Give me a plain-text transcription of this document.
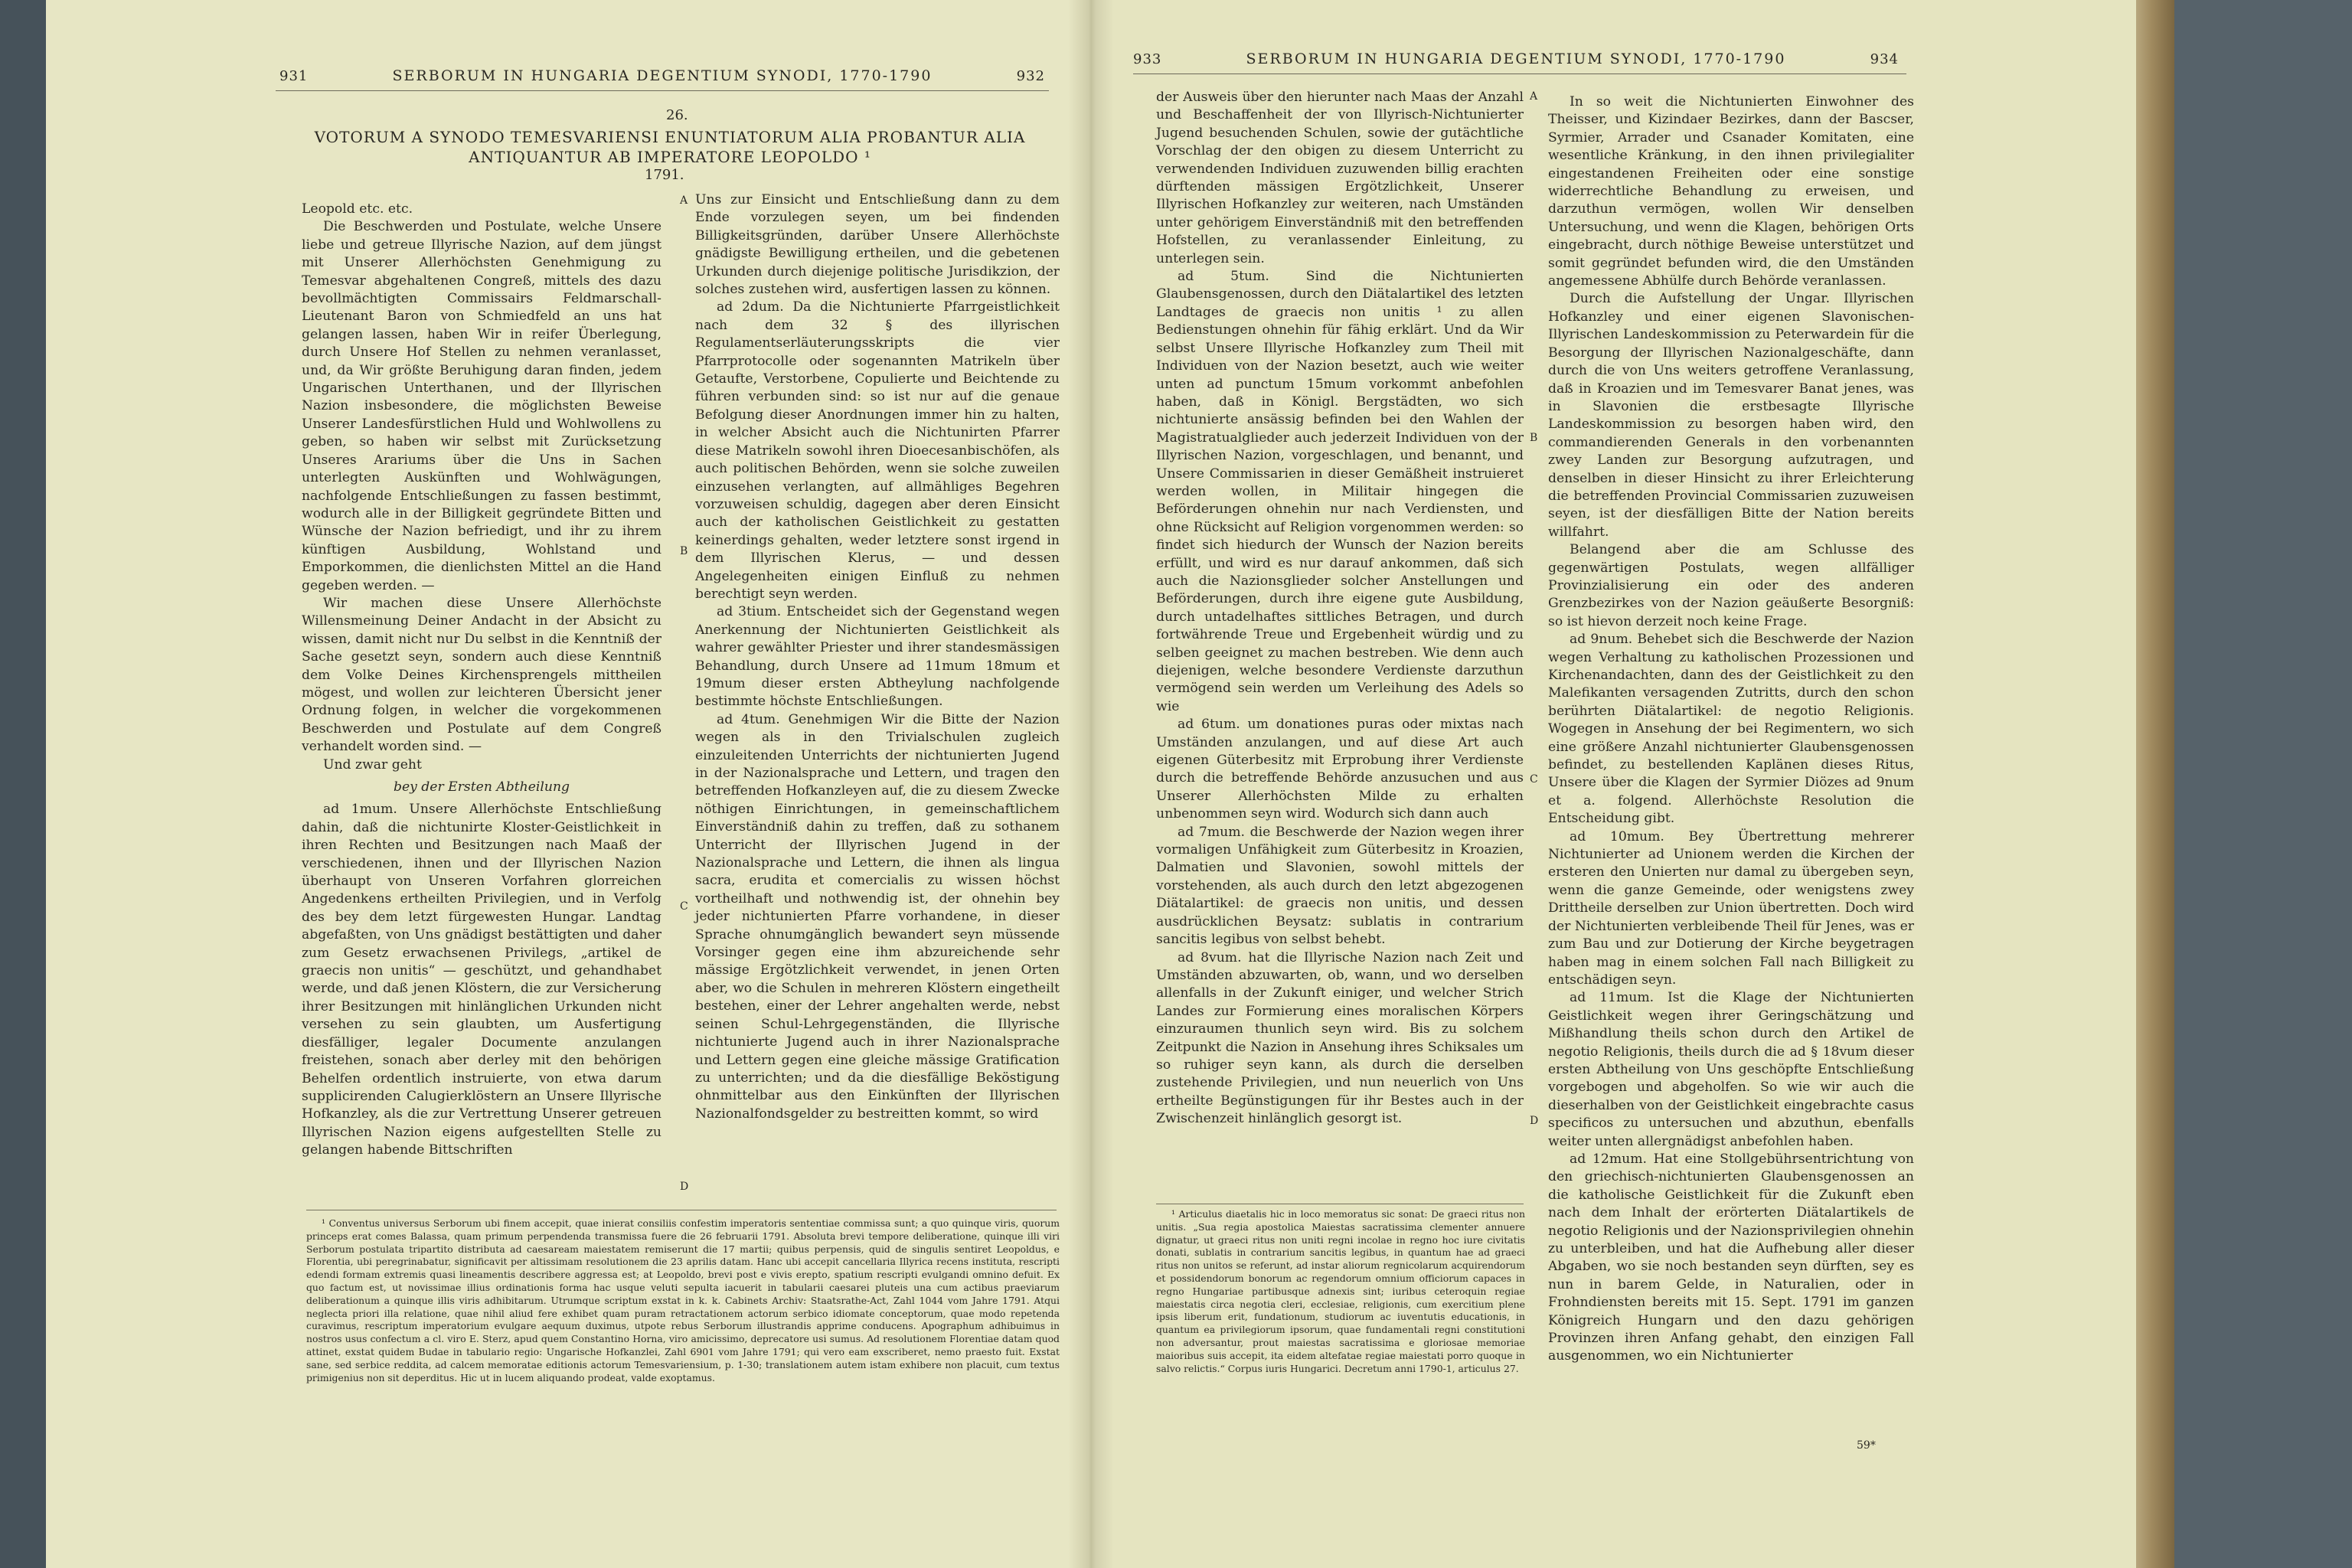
931	SERBORUM IN HUNGARIA DEGENTIUM SYNODI, 1770-1790	932
26.
VOTORUM A SYNODO TEMESVARIENSI ENUNTIATORUM ALIA PROBANTUR ALIA ANTIQUANTUR AB IMPERATORE LEOPOLDO ¹
1791.

Leopold etc. etc.

Die Beschwerden und Postulate, welche Unsere liebe und getreue Illyrische Nazion, auf dem jüngst mit Unserer Allerhöchsten Genehmigung zu Temesvar abgehaltenen Congreß, mittels des dazu bevollmächtigten Commissairs Feldmarschall-Lieutenant Baron von Schmiedfeld an uns hat gelangen lassen, haben Wir in reifer Überlegung, durch Unsere Hof Stellen zu nehmen veranlasset, und, da Wir größte Beruhigung daran finden, jedem Ungarischen Unterthanen, und der Illyrischen Nazion insbesondere, die möglichsten Beweise Unserer Landesfürstlichen Huld und Wohlwollens zu geben, so haben wir selbst mit Zurücksetzung Unseres Arariums über die Uns in Sachen unterlegten Auskünften und Wohlwägungen, nachfolgende Entschließungen zu fassen bestimmt, wodurch alle in der Billigkeit gegründete Bitten und Wünsche der Nazion befriedigt, und ihr zu ihrem künftigen Ausbildung, Wohlstand und Emporkommen, die dienlichsten Mittel an die Hand gegeben werden. —

Wir machen diese Unsere Allerhöchste Willensmeinung Deiner Andacht in der Absicht zu wissen, damit nicht nur Du selbst in die Kenntniß der Sache gesetzt seyn, sondern auch diese Kenntniß dem Volke Deines Kirchensprengels mittheilen mögest, und wollen zur leichteren Übersicht jener Ordnung folgen, in welcher die vorgekommenen Beschwerden und Postulate auf dem Congreß verhandelt worden sind. —

Und zwar geht

bey der Ersten Abtheilung

ad 1mum. Unsere Allerhöchste Entschließung dahin, daß die nichtunirte Kloster-Geistlichkeit in ihren Rechten und Besitzungen nach Maaß der verschiedenen, ihnen und der Illyrischen Nazion überhaupt von Unseren Vorfahren glorreichen Angedenkens ertheilten Privilegien, und in Verfolg des bey dem letzt fürgewesten Hungar. Landtag abgefaßten, von Uns gnädigst bestättigten und daher zum Gesetz erwachsenen Privilegs, „artikel de graecis non unitis“ — geschützt, und gehandhabet werde, und daß jenen Klöstern, die zur Versicherung ihrer Besitzungen mit hinlänglichen Urkunden nicht versehen zu sein glaubten, um Ausfertigung diesfälliger, legaler Documente anzulangen freistehen, sonach aber derley mit den behörigen Behelfen ordentlich instruierte, von etwa darum supplicirenden Calugierklöstern an Unsere Illyrische Hofkanzley, als die zur Vertrettung Unserer getreuen Illyrischen Nazion eigens aufgestellten Stelle zu gelangen habende Bittschriften

Uns zur Einsicht und Entschließung dann zu dem Ende vorzulegen seyen, um bei findenden Billigkeitsgründen, darüber Unsere Allerhöchste gnädigste Bewilligung ertheilen, und die gebetenen Urkunden durch diejenige politische Jurisdikzion, der solches zustehen wird, ausfertigen lassen zu können.

ad 2dum. Da die Nichtunierte Pfarrgeistlichkeit nach dem 32 § des illyrischen Regulamentserläuterungsskripts die vier Pfarrprotocolle oder sogenannten Matrikeln über Getaufte, Verstorbene, Copulierte und Beichtende zu führen verbunden sind: so ist nur auf die genaue Befolgung dieser Anordnungen immer hin zu halten, in welcher Absicht auch die Nichtunirten Pfarrer diese Matrikeln sowohl ihren Dioecesanbischöfen, als auch politischen Behörden, wenn sie solche zuweilen einzusehen verlangten, auf allmähliges Begehren vorzuweisen schuldig, dagegen aber deren Einsicht auch der katholischen Geistlichkeit zu gestatten keinerdings gehalten, weder letztere sonst irgend in dem Illyrischen Klerus, — und dessen Angelegenheiten einigen Einfluß zu nehmen berechtigt seyn werden.

ad 3tium. Entscheidet sich der Gegenstand wegen Anerkennung der Nichtunierten Geistlichkeit als wahrer gewählter Priester und ihrer standesmässigen Behandlung, durch Unsere ad 11mum 18mum et 19mum dieser ersten Abtheylung nachfolgende bestimmte höchste Entschließungen.

ad 4tum. Genehmigen Wir die Bitte der Nazion wegen als in den Trivialschulen zugleich einzuleitenden Unterrichts der nichtunierten Jugend in der Nazionalsprache und Lettern, und tragen den betreffenden Hofkanzleyen auf, die zu diesem Zwecke nöthigen Einrichtungen, in gemeinschaftlichem Einverständniß dahin zu treffen, daß zu sothanem Unterricht der Illyrischen Jugend in der Nazionalsprache und Lettern, die ihnen als lingua sacra, erudita et comercialis zu wissen höchst vortheilhaft und nothwendig ist, der ohnehin bey jeder nichtunierten Pfarre vorhandene, in dieser Sprache ohnumgänglich bewandert seyn müssende Vorsinger gegen eine ihm abzureichende sehr mässige Ergötzlichkeit verwendet, in jenen Orten aber, wo die Schulen in mehreren Klöstern eingetheilt bestehen, einer der Lehrer angehalten werde, nebst seinen Schul-Lehrgegenständen, die Illyrische nichtunierte Jugend auch in ihrer Nazionalsprache und Lettern gegen eine gleiche mässige Gratification zu unterrichten; und da die diesfällige Beköstigung ohnmittelbar aus den Einkünften der Illyrischen Nazionalfondsgelder zu bestreitten kommt, so wird

A
B
C
D

¹ Conventus universus Serborum ubi finem accepit, quae inierat consiliis confestim imperatoris sententiae commissa sunt; a quo quinque viris, quorum princeps erat comes Balassa, quam primum perpendenda transmissa fuere die 26 februarii 1791. Absoluta brevi tempore deliberatione, quinque illi viri Serborum postulata tripartito distributa ad caesaream maiestatem remiserunt die 17 martii; quibus perpensis, quid de singulis sentiret Leopoldus, e Florentia, ubi peregrinabatur, significavit per altissimam resolutionem die 23 aprilis datam. Hanc ubi accepit cancellaria Illyrica recens instituta, rescripti edendi formam extremis quasi lineamentis describere aggressa est; at Leopoldo, brevi post e vivis erepto, spatium rescripti evulgandi omnino defuit. Ex quo factum est, ut novissimae illius ordinationis forma hac usque veluti sepulta iacuerit in tabularii caesarei pluteis una cum actibus praeviarum deliberationum a quinque illis viris adhibitarum. Utrumque scriptum exstat in k. k. Cabinets Archiv: Staatsrathe-Act, Zahl 1044 vom Jahre 1791. Atqui neglecta priori illa relatione, quae nihil aliud fere exhibet quam puram retractationem actorum serbico idiomate conceptorum, quae modo repetenda curavimus, rescriptum imperatorium evulgare aequum duximus, utpote rebus Serborum illustrandis apprime conducens. Apographum adhibuimus in nostros usus confectum a cl. viro E. Sterz, apud quem Constantino Horna, viro amicissimo, deprecatore usi sumus. Ad resolutionem Florentiae datam quod attinet, exstat quidem Budae in tabulario regio: Ungarische Hofkanzlei, Zahl 6901 vom Jahre 1791; qui vero eam exscriberet, nemo praesto fuit. Exstat sane, sed serbice reddita, ad calcem memoratae editionis actorum Temesvariensium, p. 1-30; translationem autem istam exhibere non placuit, cum textus primigenius non sit deperditus. Hic ut in lucem aliquando prodeat, valde exoptamus.

933	SERBORUM IN HUNGARIA DEGENTIUM SYNODI, 1770-1790	934

der Ausweis über den hierunter nach Maas der Anzahl und Beschaffenheit der von Illyrisch-Nichtunierter Jugend besuchenden Schulen, sowie der gutächtliche Vorschlag der den obigen zu diesem Unterricht zu verwendenden Individuen zuzuwenden billig erachten dürftenden mässigen Ergötzlichkeit, Unserer Illyrischen Hofkanzley zur weiteren, nach Umständen unter gehörigem Einverständniß mit den betreffenden Hofstellen, zu veranlassender Einleitung, zu unterlegen sein.

ad 5tum. Sind die Nichtunierten Glaubensgenossen, durch den Diätalartikel des letzten Landtages de graecis non unitis ¹ zu allen Bedienstungen ohnehin für fähig erklärt. Und da Wir selbst Unsere Illyrische Hofkanzley zum Theil mit Individuen von der Nazion besetzt, auch wie weiter unten ad punctum 15mum vorkommt anbefohlen haben, daß in Königl. Bergstädten, wo sich nichtunierte ansässig befinden bei den Wahlen der Magistratualglieder auch jederzeit Individuen von der Illyrischen Nazion, vorgeschlagen, und benannt, und Unsere Commissarien in dieser Gemäßheit instruieret werden wollen, in Militair hingegen die Beförderungen ohnehin nur nach Verdiensten, und ohne Rücksicht auf Religion vorgenommen werden: so findet sich hiedurch der Wunsch der Nazion bereits erfüllt, und wird es nur darauf ankommen, daß sich auch die Nazionsglieder solcher Anstellungen und Beförderungen, durch ihre eigene gute Ausbildung, durch untadelhaftes sittliches Betragen, und durch fortwährende Treue und Ergebenheit würdig und zu selben geeignet zu machen bestreben. Wie denn auch diejenigen, welche besondere Verdienste darzuthun vermögend sein werden um Verleihung des Adels so wie

ad 6tum. um donationes puras oder mixtas nach Umständen anzulangen, und auf diese Art auch eigenen Güterbesitz mit Erprobung ihrer Verdienste durch die betreffende Behörde anzusuchen und aus Unserer Allerhöchsten Milde zu erhalten unbenommen seyn wird. Wodurch sich dann auch

ad 7mum. die Beschwerde der Nazion wegen ihrer vormaligen Unfähigkeit zum Güterbesitz in Kroazien, Dalmatien und Slavonien, sowohl mittels der vorstehenden, als auch durch den letzt abgezogenen Diätalartikel: de graecis non unitis, und dessen ausdrücklichen Beysatz: sublatis in contrarium sancitis legibus von selbst behebt.

ad 8vum. hat die Illyrische Nazion nach Zeit und Umständen abzuwarten, ob, wann, und wo derselben allenfalls in der Zukunft einiger, und welcher Strich Landes zur Formierung eines moralischen Körpers einzuraumen thunlich seyn wird. Bis zu solchem Zeitpunkt die Nazion in Ansehung ihres Schiksales um so ruhiger seyn kann, als durch die derselben zustehende Privilegien, und nun neuerlich von Uns ertheilte Begünstigungen für ihr Bestes auch in der Zwischenzeit hinlänglich gesorgt ist.

In so weit die Nichtunierten Einwohner des Theisser, und Kizindaer Bezirkes, dann der Bascser, Syrmier, Arrader und Csanader Komitaten, eine wesentliche Kränkung, in den ihnen privilegialiter eingestandenen Freiheiten oder eine sonstige widerrechtliche Behandlung zu erweisen, und darzuthun vermögen, wollen Wir denselben Untersuchung, und wenn die Klagen, behörigen Orts eingebracht, durch nöthige Beweise unterstützet und somit gegründet befunden wird, die den Umständen angemessene Abhülfe durch Behörde veranlassen.

Durch die Aufstellung der Ungar. Illyrischen Hofkanzley und einer eigenen Slavonischen-Illyrischen Landeskommission zu Peterwardein für die Besorgung der Illyrischen Nazionalgeschäfte, dann durch die von Uns weiters getroffene Veranlassung, daß in Kroazien und im Temesvarer Banat jenes, was in Slavonien die erstbesagte Illyrische Landeskommission zu besorgen haben wird, den commandierenden Generals in den vorbenannten zwey Landen zur Besorgung aufzutragen, und denselben in dieser Hinsicht zu ihrer Erleichterung die betreffenden Provincial Commissarien zuzuweisen seyen, ist der diesfälligen Bitte der Nation bereits willfahrt.

Belangend aber die am Schlusse des gegenwärtigen Postulats, wegen allfälliger Provinzialisierung ein oder des anderen Grenzbezirkes von der Nazion geäußerte Besorgniß: so ist hievon derzeit noch keine Frage.

ad 9num. Behebet sich die Beschwerde der Nazion wegen Verhaltung zu katholischen Prozessionen und Kirchenandachten, dann des der Geistlichkeit zu den Malefikanten versagenden Zutritts, durch den schon berührten Diätalartikel: de negotio Religionis. Wogegen in Ansehung der bei Regimentern, wo sich eine größere Anzahl nichtunierter Glaubensgenossen befindet, zu bestellenden Kaplänen dieses Ritus, Unsere über die Klagen der Syrmier Diözes ad 9num et a. folgend. Allerhöchste Resolution die Entscheidung gibt.

ad 10mum. Bey Übertrettung mehrerer Nichtunierter ad Unionem werden die Kirchen der ersteren den Unierten nur damal zu übergeben seyn, wenn die ganze Gemeinde, oder wenigstens zwey Drittheile derselben zur Union übertretten. Doch wird der Nichtunierten verbleibende Theil für Jenes, was er zum Bau und zur Dotierung der Kirche beygetragen haben mag in einem solchen Fall nach Billigkeit zu entschädigen seyn.

ad 11mum. Ist die Klage der Nichtunierten Geistlichkeit wegen ihrer Geringschätzung und Mißhandlung theils schon durch den Artikel de negotio Religionis, theils durch die ad § 18vum dieser ersten Abtheilung von Uns geschöpfte Entschließung vorgebogen und abgeholfen. So wie wir auch die dieserhalben von der Geistlichkeit eingebrachte casus specificos zu untersuchen und abzuthun, ebenfalls weiter unten allergnädigst anbefohlen haben.

ad 12mum. Hat eine Stollgebührsentrichtung von den griechisch-nichtunierten Glaubensgenossen an die katholische Geistlichkeit für die Zukunft eben nach dem Inhalt der erörterten Diätalartikels de negotio Religionis und der Nazionsprivilegien ohnehin zu unterbleiben, und hat die Aufhebung aller dieser Abgaben, wo sie noch bestanden seyn dürften, sey es nun in barem Gelde, in Naturalien, oder in Frohndiensten bereits mit 15. Sept. 1791 im ganzen Königreich Hungarn und den dazu gehörigen Provinzen ihren Anfang gehabt, den einzigen Fall ausgenommen, wo ein Nichtunierter

A
B
C
D

¹ Articulus diaetalis hic in loco memoratus sic sonat: De graeci ritus non unitis. „Sua regia apostolica Maiestas sacratissima clementer annuere dignatur, ut graeci ritus non uniti regni incolae in regno hoc iure civitatis donati, sublatis in contrarium sancitis legibus, in quantum hae ad graeci ritus non unitos se referunt, ad instar aliorum regnicolarum acquirendorum et possidendorum bonorum ac regendorum omnium officiorum capaces in regno Hungariae partibusque adnexis sint; iuribus ceteroquin regiae maiestatis circa negotia cleri, ecclesiae, religionis, cum exercitium plene ipsis liberum erit, fundationum, studiorum ac iuventutis educationis, in quantum ea privilegiorum ipsorum, quae fundamentali regni constitutioni non adversantur, prout maiestas sacratissima e gloriosae memoriae maioribus suis accepit, ita eidem altefatae regiae maiestati porro quoque in salvo relictis.“ Corpus iuris Hungarici. Decretum anni 1790-1, articulus 27.

59*
